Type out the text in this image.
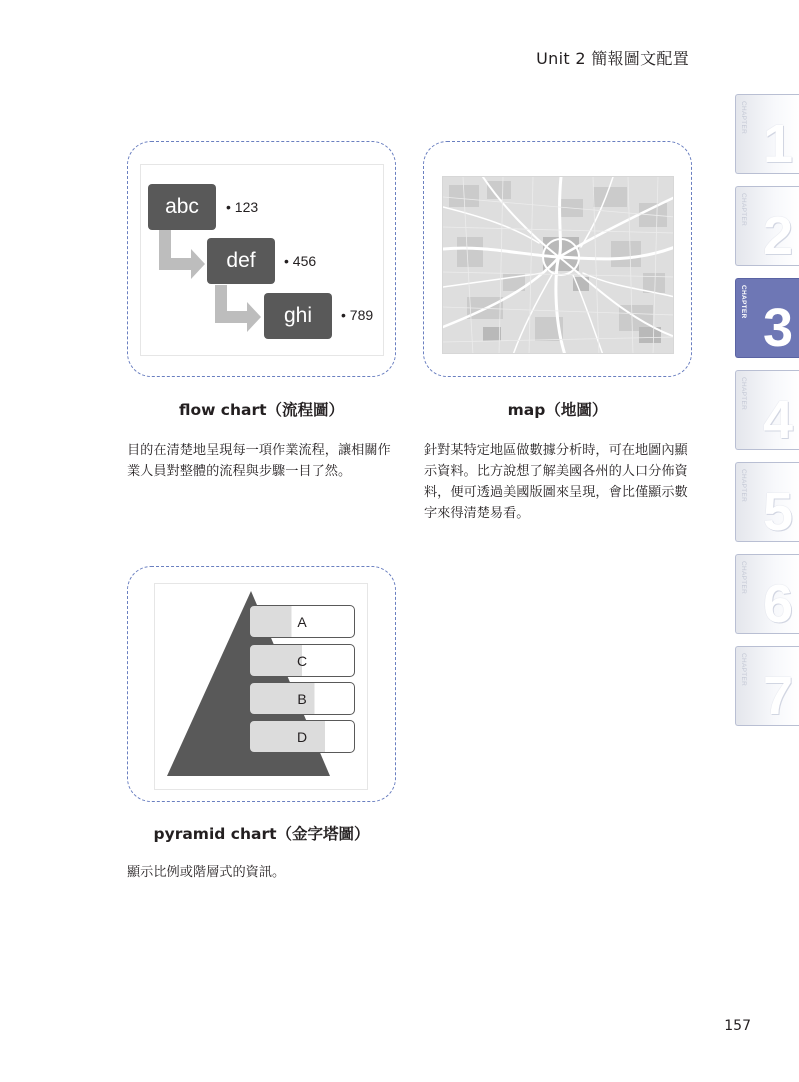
Unit 2 簡報圖文配置
abc	• 123
def	• 456
ghi	• 789
flow chart（流程圖）
目的在清楚地呈現每一項作業流程，讓相關作業人員對整體的流程與步驟一目了然。
map（地圖）
針對某特定地區做數據分析時，可在地圖內顯示資料。比方說想了解美國各州的人口分佈資料，便可透過美國版圖來呈現，會比僅顯示數字來得清楚易看。
A
C
B
D
pyramid chart（金字塔圖）
顯示比例或階層式的資訊。
CHAPTER 1
CHAPTER 2
CHAPTER 3
CHAPTER 4
CHAPTER 5
CHAPTER 6
CHAPTER 7
157
